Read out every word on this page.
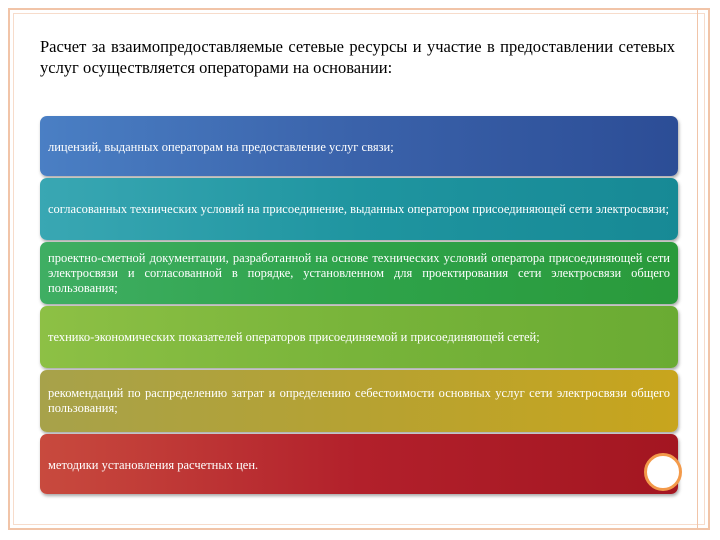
Расчет за взаимопредоставляемые сетевые ресурсы и участие в предоставлении сетевых услуг осуществляется операторами на основании:

лицензий, выданных операторам на предоставление услуг связи;
согласованных технических условий на присоединение, выданных оператором присоединяющей сети электросвязи;
проектно-сметной документации, разработанной на основе технических условий оператора присоединяющей сети электросвязи и согласованной в порядке, установленном для проектирования сети электросвязи общего пользования;
технико-экономических показателей операторов присоединяемой и присоединяющей сетей;
рекомендаций по распределению затрат и определению себестоимости основных услуг сети электросвязи общего пользования;
методики установления расчетных цен.
